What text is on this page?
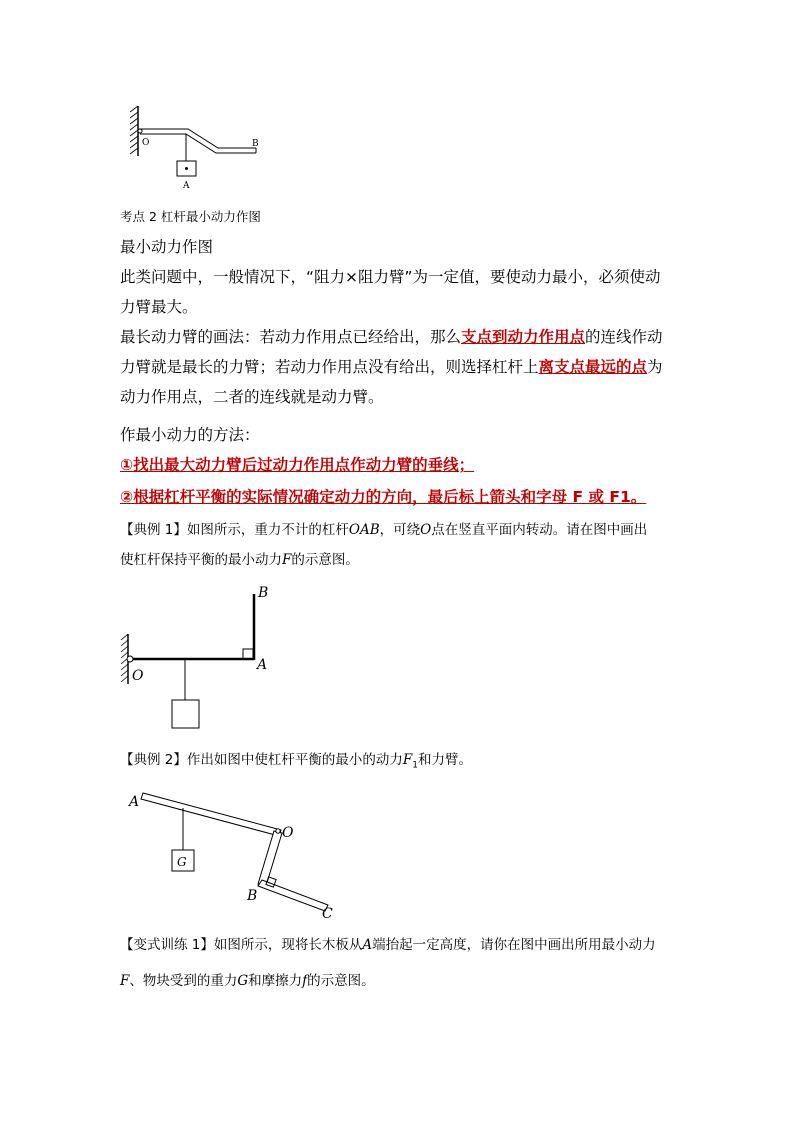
O	B
A
考点 2 杠杆最小动力作图
最小动力作图
此类问题中，一般情况下，“阻力×阻力臂”为一定值，要使动力最小，必须使动
力臂最大。
最长动力臂的画法：若动力作用点已经给出，那么支点到动力作用点的连线作动
力臂就是最长的力臂；若动力作用点没有给出，则选择杠杆上离支点最远的点为
动力作用点，二者的连线就是动力臂。
作最小动力的方法：
①找出最大动力臂后过动力作用点作动力臂的垂线；
②根据杠杆平衡的实际情况确定动力的方向，最后标上箭头和字母 F 或 F1。
【典例 1】如图所示，重力不计的杠杆OAB，可绕O点在竖直平面内转动。请在图中画出
使杠杆保持平衡的最小动力F的示意图。
B
A
O
【典例 2】作出如图中使杠杆平衡的最小的动力$F_1$和力臂。
G
A
O
B
C
【变式训练 1】如图所示，现将长木板从A端抬起一定高度，请你在图中画出所用最小动力
F、物块受到的重力G和摩擦力f的示意图。
